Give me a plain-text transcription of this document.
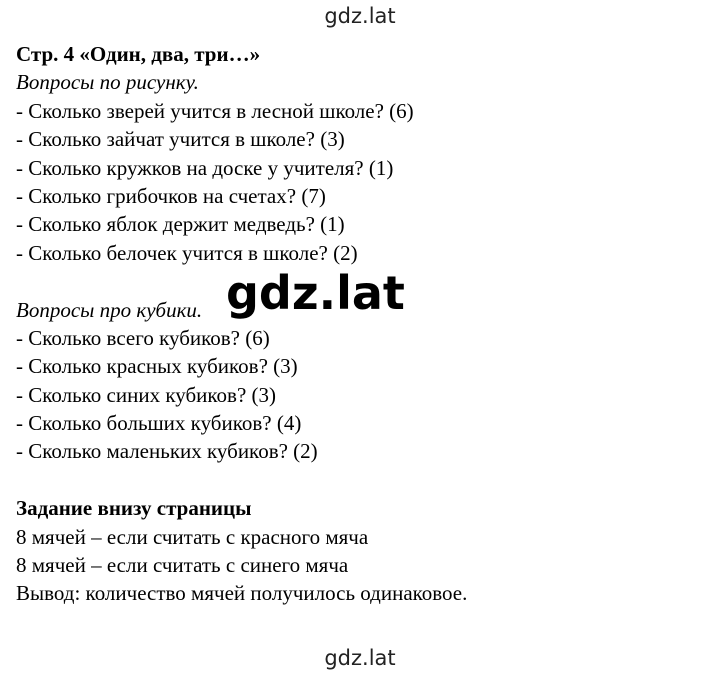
gdz.lat
Стр. 4 «Один, два, три…»
Вопросы по рисунку.
- Сколько зверей учится в лесной школе? (6)
- Сколько зайчат учится в школе? (3)
- Сколько кружков на доске у учителя? (1)
- Сколько грибочков на счетах? (7)
- Сколько яблок держит медведь? (1)
- Сколько белочек учится в школе? (2)
Вопросы про кубики.
- Сколько всего кубиков? (6)
- Сколько красных кубиков? (3)
- Сколько синих кубиков? (3)
- Сколько больших кубиков? (4)
- Сколько маленьких кубиков? (2)
Задание внизу страницы
8 мячей – если считать с красного мяча
8 мячей – если считать с синего мяча
Вывод: количество мячей получилось одинаковое.
gdz.lat
gdz.lat
